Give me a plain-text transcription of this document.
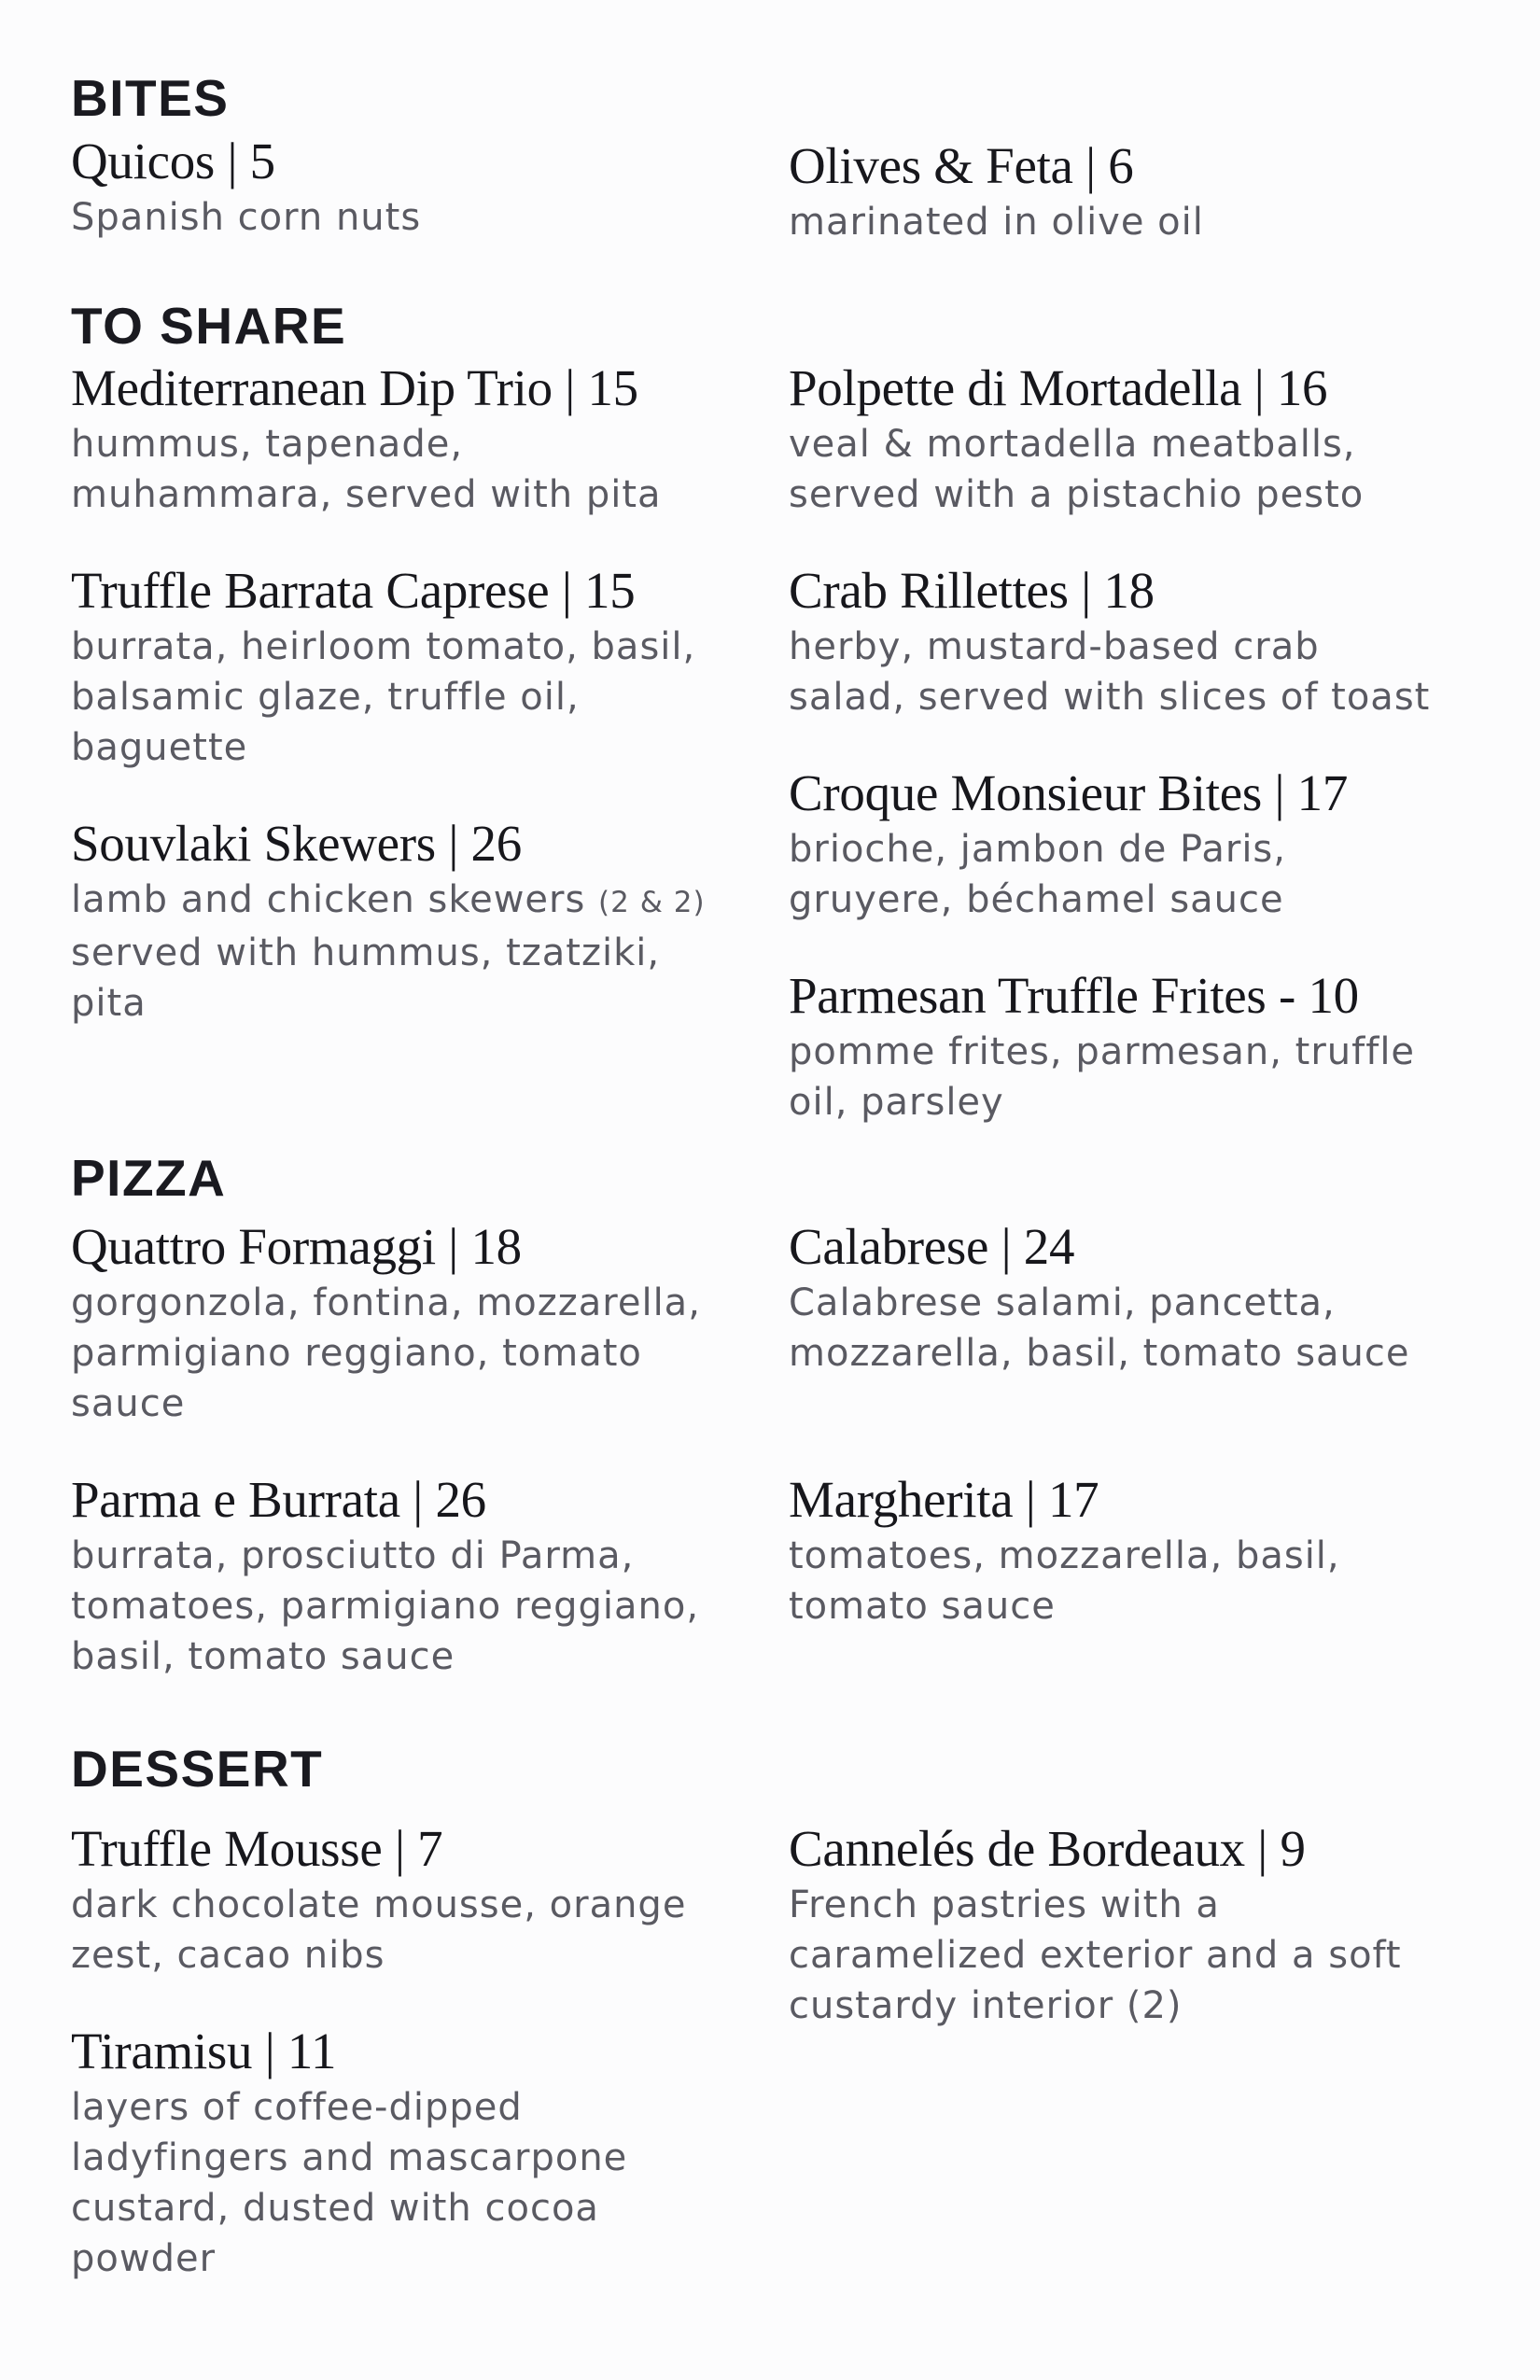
BITES
Quicos | 5
Spanish corn nuts
Olives & Feta | 6
marinated in olive oil
TO SHARE
Mediterranean Dip Trio | 15
hummus, tapenade,
muhammara, served with pita
Polpette di Mortadella | 16
veal & mortadella meatballs,
served with a pistachio pesto
Truffle Barrata Caprese | 15
burrata, heirloom tomato, basil,
balsamic glaze, truffle oil,
baguette
Crab Rillettes | 18
herby, mustard-based crab
salad, served with slices of toast
Croque Monsieur Bites | 17
brioche, jambon de Paris,
gruyere, béchamel sauce
Souvlaki Skewers | 26
lamb and chicken skewers (2 & 2)
served with hummus, tzatziki,
pita	Parmesan Truffle Frites - 10
pomme frites, parmesan, truffle
oil, parsley
PIZZA
Quattro Formaggi | 18
gorgonzola, fontina, mozzarella,
parmigiano reggiano, tomato
sauce
Calabrese | 24
Calabrese salami, pancetta,
mozzarella, basil, tomato sauce
Parma e Burrata | 26
burrata, prosciutto di Parma,
tomatoes, parmigiano reggiano,
basil, tomato sauce
Margherita | 17
tomatoes, mozzarella, basil,
tomato sauce
DESSERT
Truffle Mousse | 7
dark chocolate mousse, orange
zest, cacao nibs
Cannelés de Bordeaux | 9
French pastries with a
caramelized exterior and a soft
custardy interior (2)
Tiramisu | 11
layers of coffee-dipped
ladyfingers and mascarpone
custard, dusted with cocoa
powder
